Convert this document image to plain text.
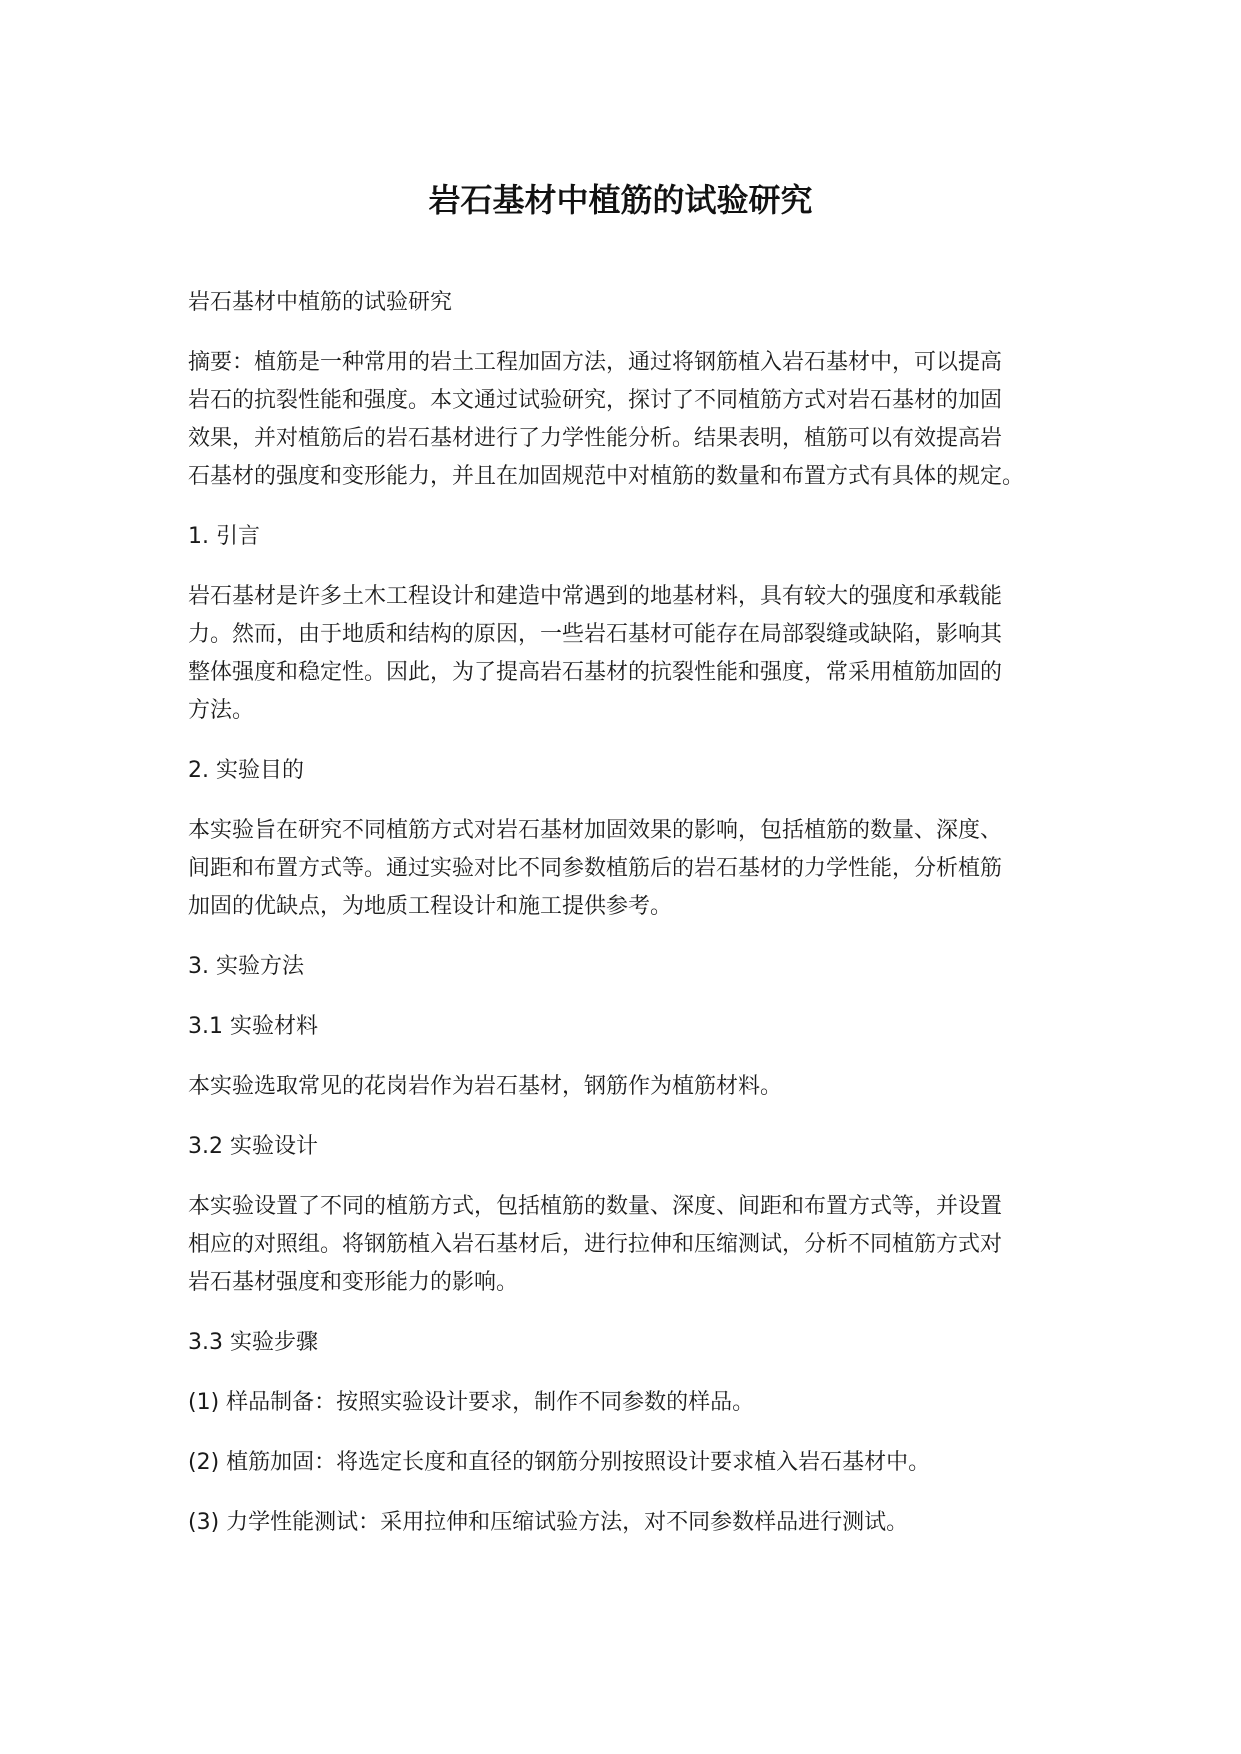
岩石基材中植筋的试验研究

岩石基材中植筋的试验研究

摘要：植筋是一种常用的岩土工程加固方法，通过将钢筋植入岩石基材中，可以提高
岩石的抗裂性能和强度。本文通过试验研究，探讨了不同植筋方式对岩石基材的加固
效果，并对植筋后的岩石基材进行了力学性能分析。结果表明，植筋可以有效提高岩
石基材的强度和变形能力，并且在加固规范中对植筋的数量和布置方式有具体的规定。

1. 引言

岩石基材是许多土木工程设计和建造中常遇到的地基材料，具有较大的强度和承载能
力。然而，由于地质和结构的原因，一些岩石基材可能存在局部裂缝或缺陷，影响其
整体强度和稳定性。因此，为了提高岩石基材的抗裂性能和强度，常采用植筋加固的
方法。

2. 实验目的

本实验旨在研究不同植筋方式对岩石基材加固效果的影响，包括植筋的数量、深度、
间距和布置方式等。通过实验对比不同参数植筋后的岩石基材的力学性能，分析植筋
加固的优缺点，为地质工程设计和施工提供参考。

3. 实验方法

3.1 实验材料

本实验选取常见的花岗岩作为岩石基材，钢筋作为植筋材料。

3.2 实验设计

本实验设置了不同的植筋方式，包括植筋的数量、深度、间距和布置方式等，并设置
相应的对照组。将钢筋植入岩石基材后，进行拉伸和压缩测试，分析不同植筋方式对
岩石基材强度和变形能力的影响。

3.3 实验步骤

(1) 样品制备：按照实验设计要求，制作不同参数的样品。

(2) 植筋加固：将选定长度和直径的钢筋分别按照设计要求植入岩石基材中。

(3) 力学性能测试：采用拉伸和压缩试验方法，对不同参数样品进行测试。
